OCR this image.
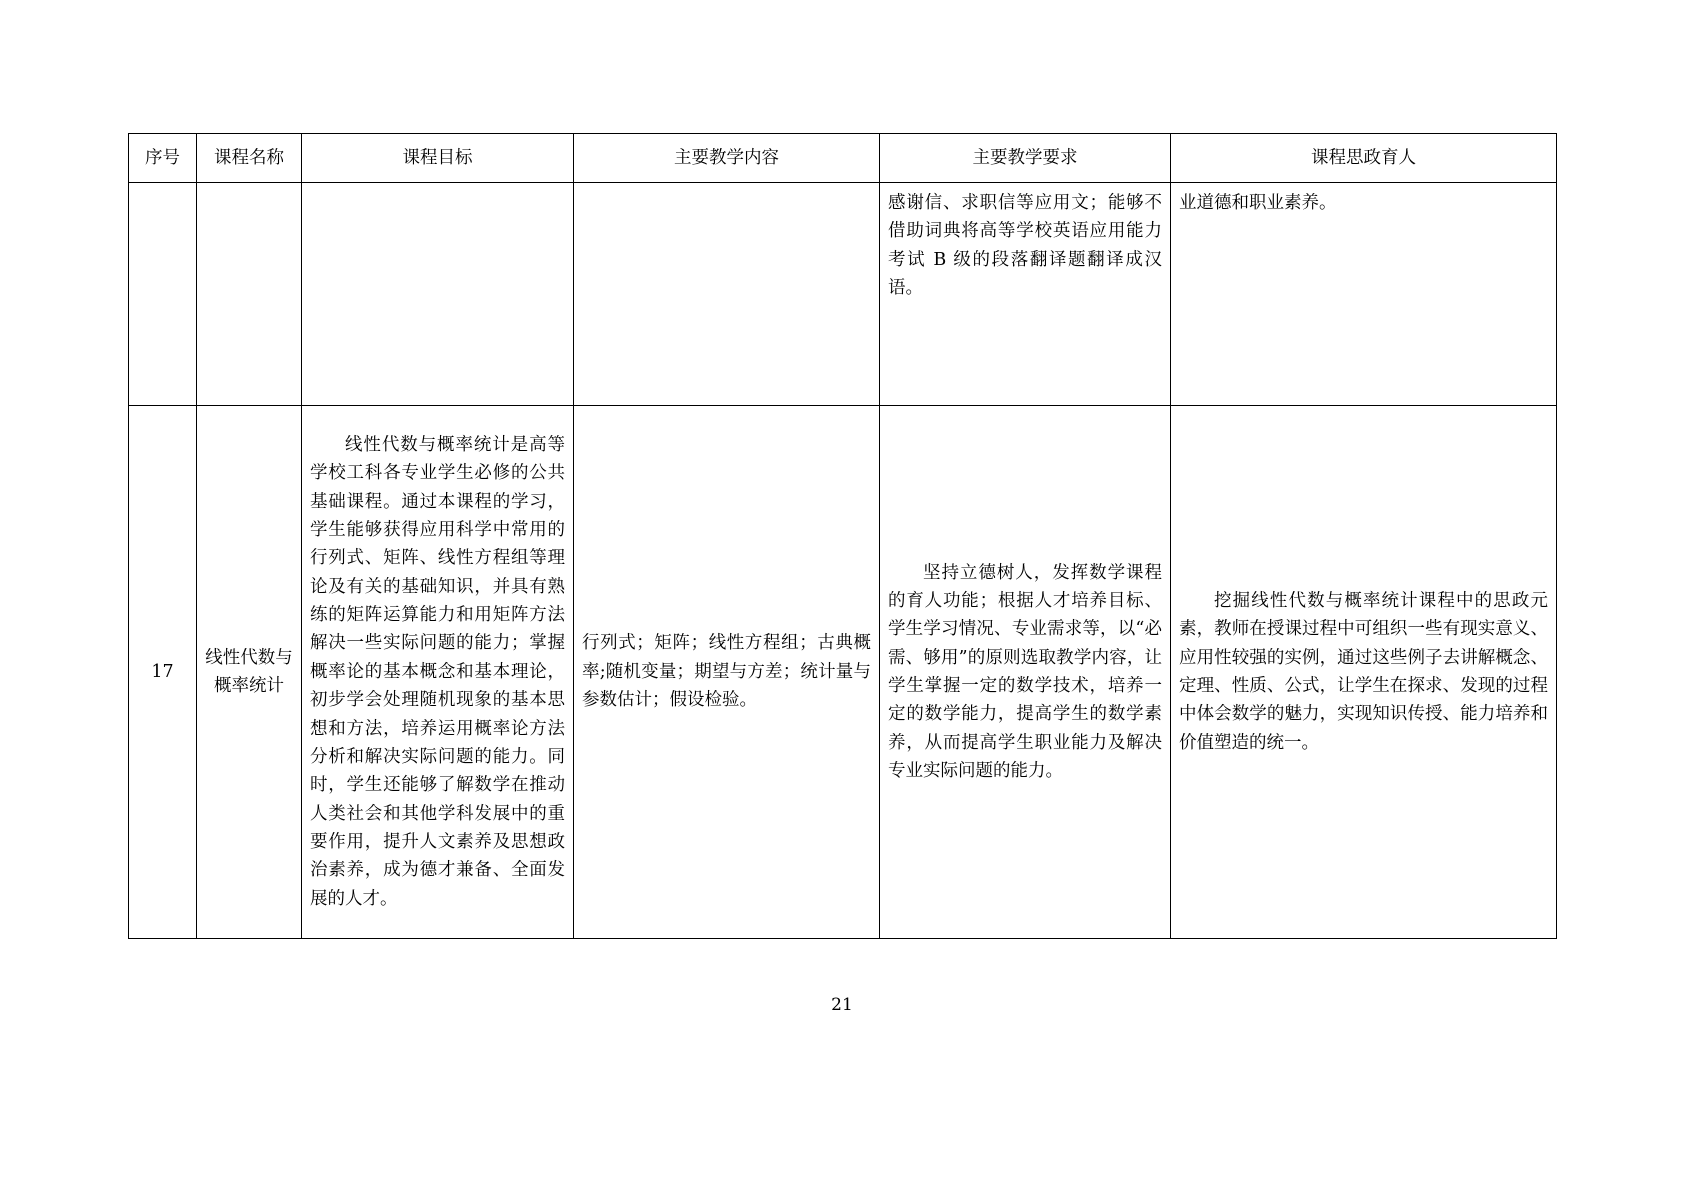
序号	课程名称	课程目标	主要教学内容	主要教学要求	课程思政育人

				感谢信、求职信等应用文；能够不借助词典将高等学校英语应用能力考试 B 级的段落翻译题翻译成汉语。	业道德和职业素养。

17	线性代数与概率统计	线性代数与概率统计是高等学校工科各专业学生必修的公共基础课程。通过本课程的学习，学生能够获得应用科学中常用的行列式、矩阵、线性方程组等理论及有关的基础知识，并具有熟练的矩阵运算能力和用矩阵方法解决一些实际问题的能力；掌握概率论的基本概念和基本理论，初步学会处理随机现象的基本思想和方法，培养运用概率论方法分析和解决实际问题的能力。同时，学生还能够了解数学在推动人类社会和其他学科发展中的重要作用，提升人文素养及思想政治素养，成为德才兼备、全面发展的人才。	行列式；矩阵；线性方程组；古典概率;随机变量；期望与方差；统计量与参数估计；假设检验。	坚持立德树人，发挥数学课程的育人功能；根据人才培养目标、学生学习情况、专业需求等，以“必需、够用”的原则选取教学内容，让学生掌握一定的数学技术，培养一定的数学能力，提高学生的数学素养，从而提高学生职业能力及解决专业实际问题的能力。	挖掘线性代数与概率统计课程中的思政元素，教师在授课过程中可组织一些有现实意义、应用性较强的实例，通过这些例子去讲解概念、定理、性质、公式，让学生在探求、发现的过程中体会数学的魅力，实现知识传授、能力培养和价值塑造的统一。

21
